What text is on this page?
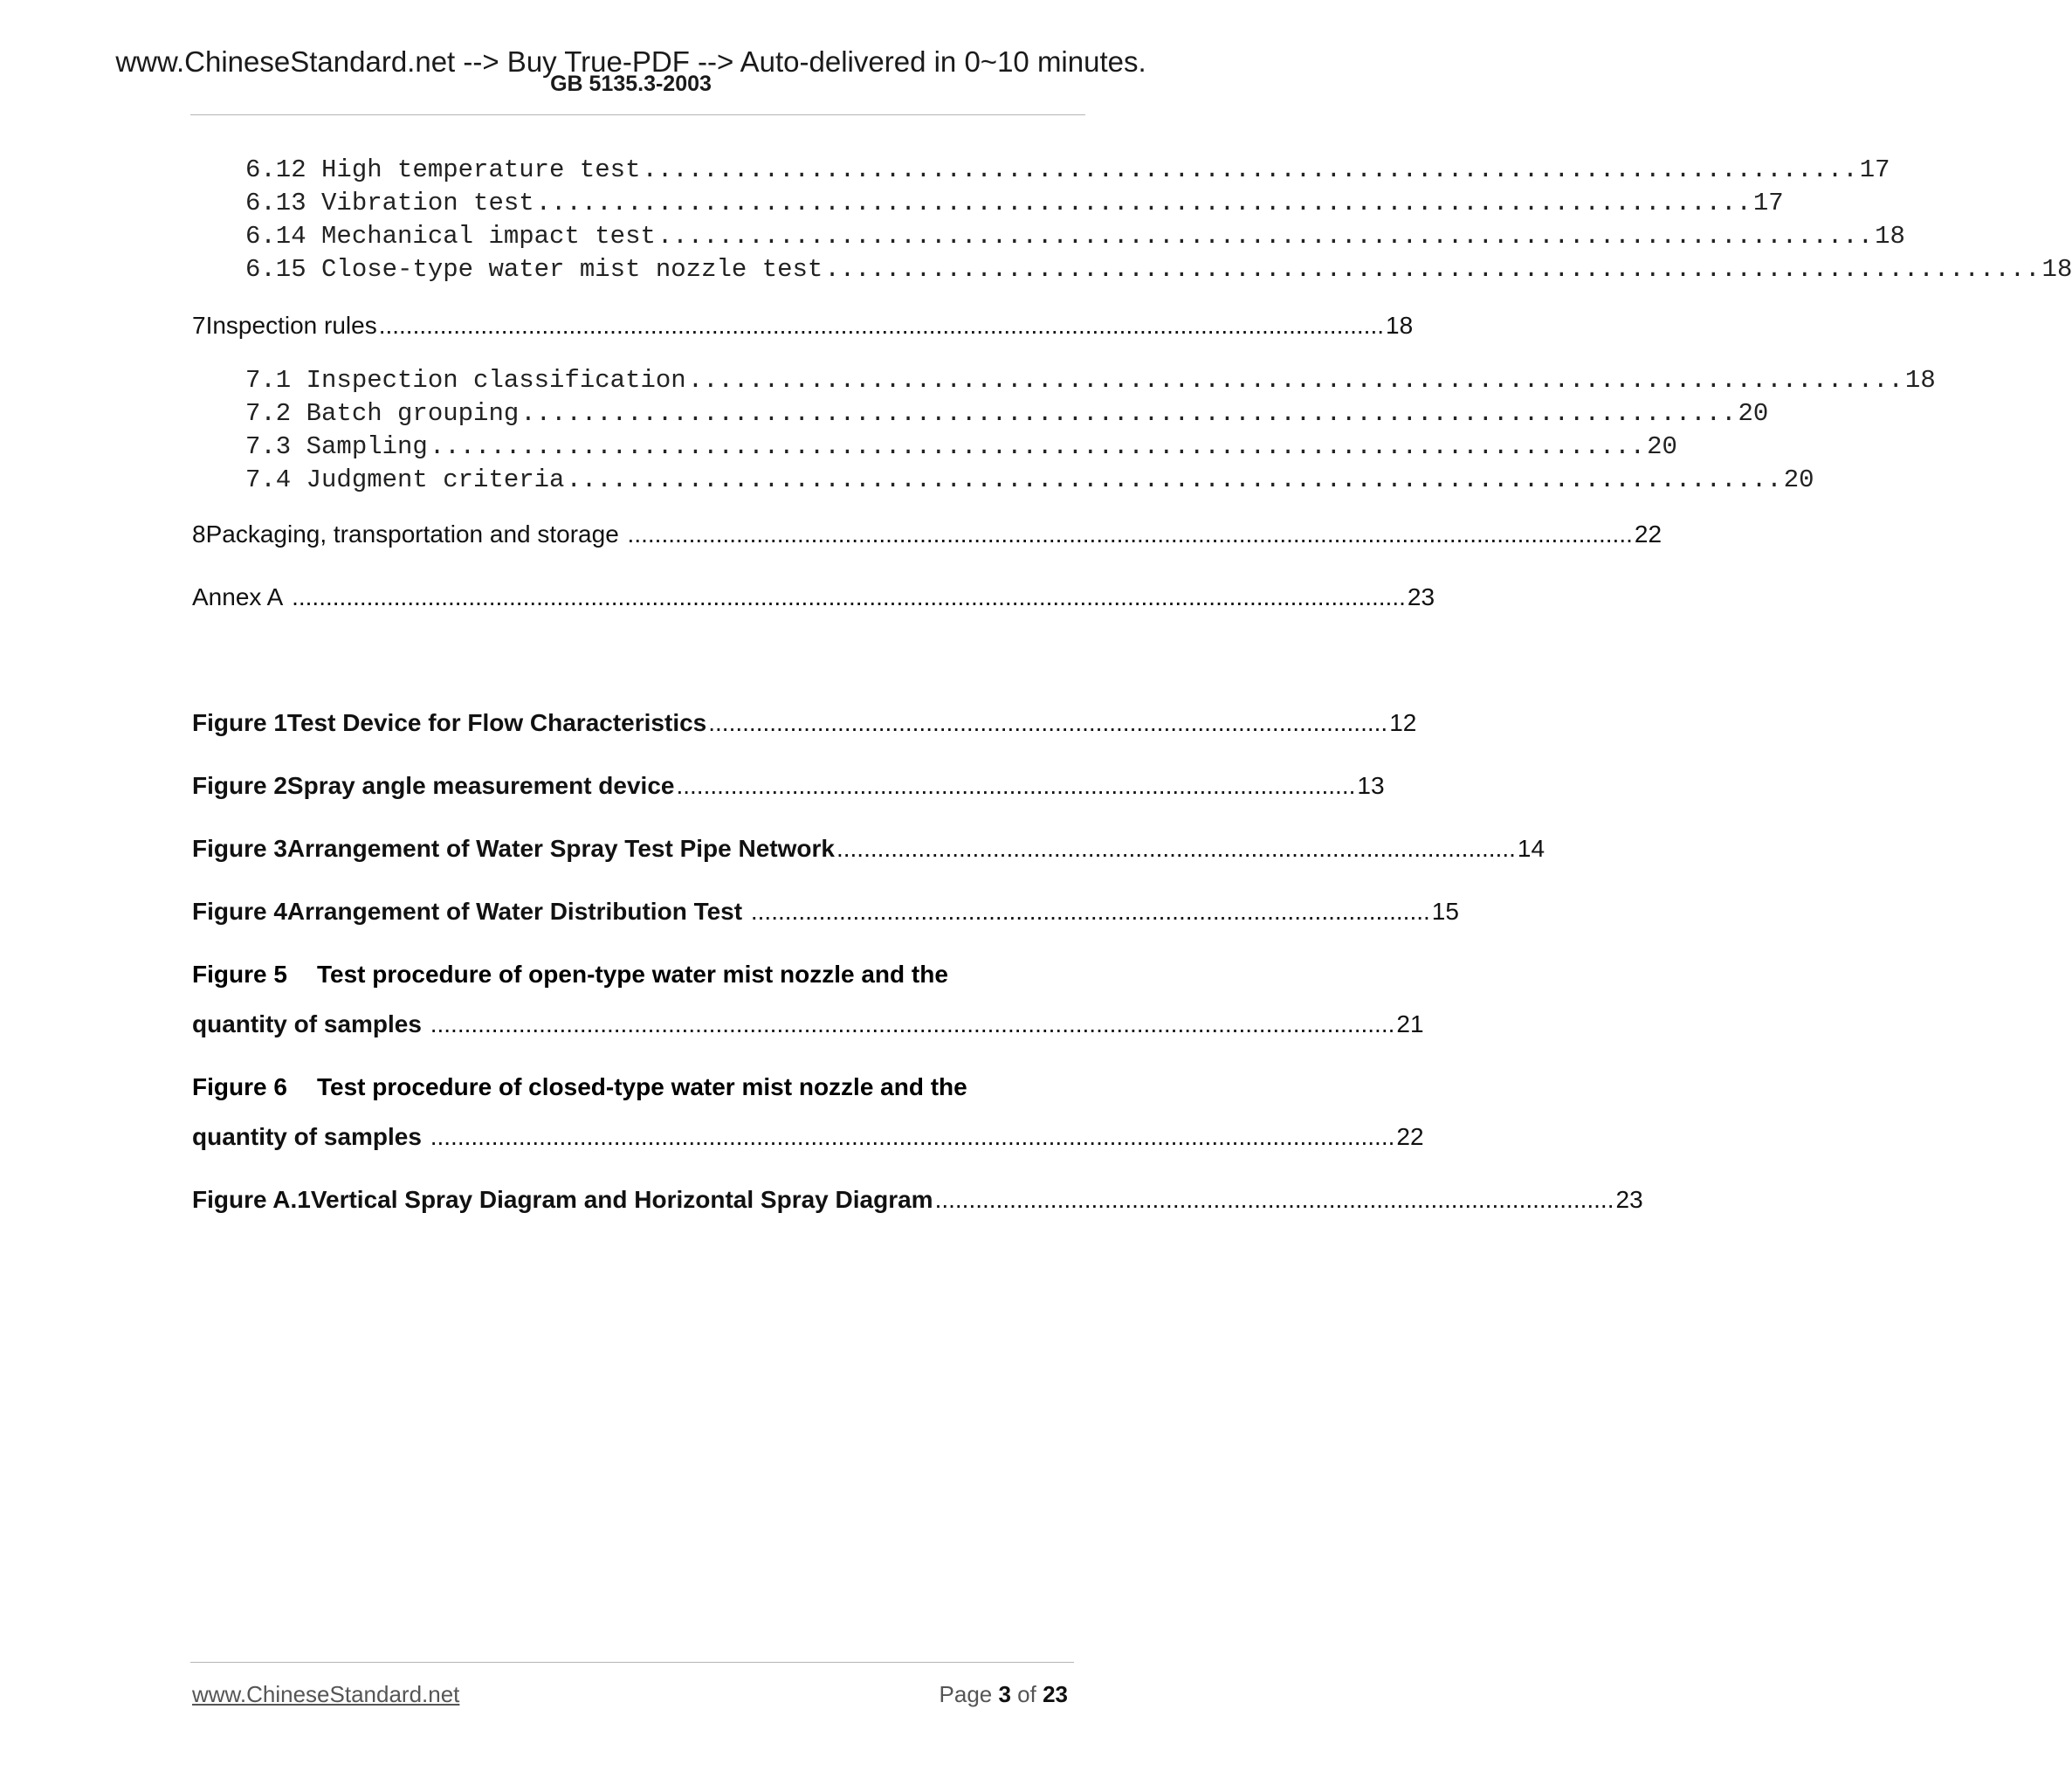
www.ChineseStandard.net --> Buy True-PDF --> Auto-delivered in 0~10 minutes.
GB 5135.3-2003
6.12 High temperature test ................................................................................ 17
6.13 Vibration test ................................................................................ 17
6.14 Mechanical impact test ................................................................................ 18
6.15 Close-type water mist nozzle test ................................................................................ 18
7 Inspection rules .................................................................................................................................................... 18
7.1 Inspection classification ................................................................................ 18
7.2 Batch grouping ................................................................................ 20
7.3 Sampling ................................................................................ 20
7.4 Judgment criteria ................................................................................ 20
8 Packaging, transportation and storage .................................................................................................................................................... 22
Annex A .................................................................................................................................................................... 23
Figure 1 Test Device for Flow Characteristics .................................................................................................... 12
Figure 2 Spray angle measurement device .................................................................................................... 13
Figure 3 Arrangement of Water Spray Test Pipe Network .................................................................................................... 14
Figure 4 Arrangement of Water Distribution Test .................................................................................................... 15
Figure 5 Test procedure of open-type water mist nozzle and the
quantity of samples .............................................................................................................................................. 21
Figure 6 Test procedure of closed-type water mist nozzle and the
quantity of samples .............................................................................................................................................. 22
Figure A.1 Vertical Spray Diagram and Horizontal Spray Diagram .................................................................................................... 23
www.ChineseStandard.net	Page 3 of 23
